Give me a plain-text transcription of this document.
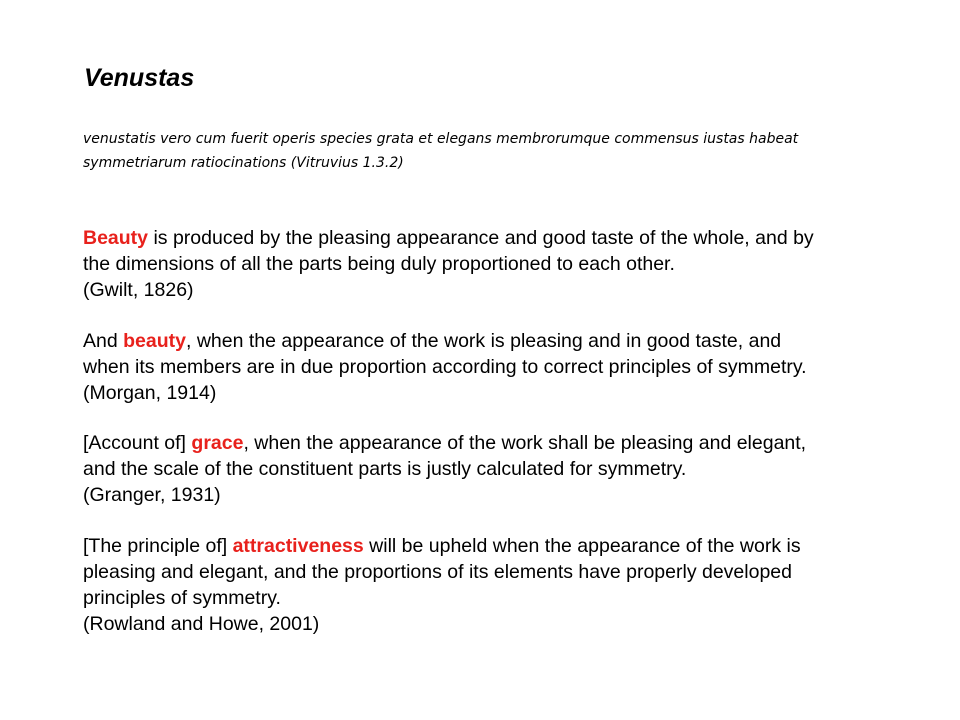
Venustas

venustatis vero cum fuerit operis species grata et elegans membrorumque commensus iustas habeat
symmetriarum ratiocinations (Vitruvius 1.3.2)

Beauty is produced by the pleasing appearance and good taste of the whole, and by
the dimensions of all the parts being duly proportioned to each other.
(Gwilt, 1826)

And beauty, when the appearance of the work is pleasing and in good taste, and
when its members are in due proportion according to correct principles of symmetry.
(Morgan, 1914)

[Account of] grace, when the appearance of the work shall be pleasing and elegant,
and the scale of the constituent parts is justly calculated for symmetry.
(Granger, 1931)

[The principle of] attractiveness will be upheld when the appearance of the work is
pleasing and elegant, and the proportions of its elements have properly developed
principles of symmetry.
(Rowland and Howe, 2001)
